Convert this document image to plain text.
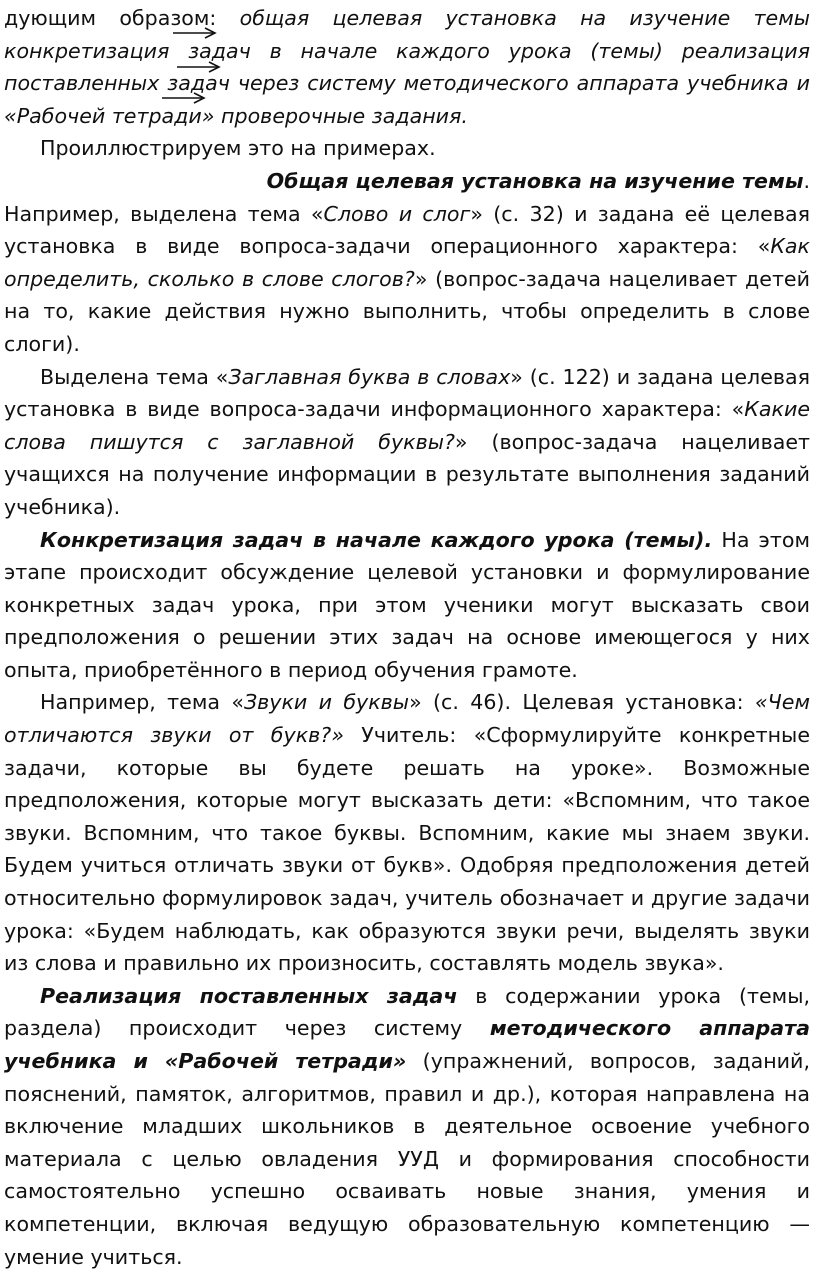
дующим образом: общая целевая установка на изучение темы конкретизация задач в начале каждого урока (темы) реализация поставленных задач через систему методического аппарата учебника и «Рабочей тетради» проверочные задания.

Проиллюстрируем это на примерах.

Общая целевая установка на изучение темы.

Например, выделена тема «Слово и слог» (с. 32) и задана её целевая установка в виде вопроса-задачи операционного характера: «Как определить, сколько в слове слогов?» (вопрос-задача нацеливает детей на то, какие действия нужно выполнить, чтобы определить в слове слоги).

Выделена тема «Заглавная буква в словах» (с. 122) и задана целевая установка в виде вопроса-задачи информационного характера: «Какие слова пишутся с заглавной буквы?» (вопрос-задача нацеливает учащихся на получение информации в результате выполнения заданий учебника).

Конкретизация задач в начале каждого урока (темы). На этом этапе происходит обсуждение целевой установки и формулирование конкретных задач урока, при этом ученики могут высказать свои предположения о решении этих задач на основе имеющегося у них опыта, приобретённого в период обучения грамоте.

Например, тема «Звуки и буквы» (с. 46). Целевая установка: «Чем отличаются звуки от букв?» Учитель: «Сформулируйте конкретные задачи, которые вы будете решать на уроке». Возможные предположения, которые могут высказать дети: «Вспомним, что такое звуки. Вспомним, что такое буквы. Вспомним, какие мы знаем звуки. Будем учиться отличать звуки от букв». Одобряя предположения детей относительно формулировок задач, учитель обозначает и другие задачи урока: «Будем наблюдать, как образуются звуки речи, выделять звуки из слова и правильно их произносить, составлять модель звука».

Реализация поставленных задач в содержании урока (темы, раздела) происходит через систему методического аппарата учебника и «Рабочей тетради» (упражнений, вопросов, заданий, пояснений, памяток, алгоритмов, правил и др.), которая направлена на включение младших школьников в деятельное освоение учебного материала с целью овладения УУД и формирования способности самостоятельно успешно осваивать новые знания, умения и компетенции, включая ведущую образовательную компетенцию — умение учиться.
